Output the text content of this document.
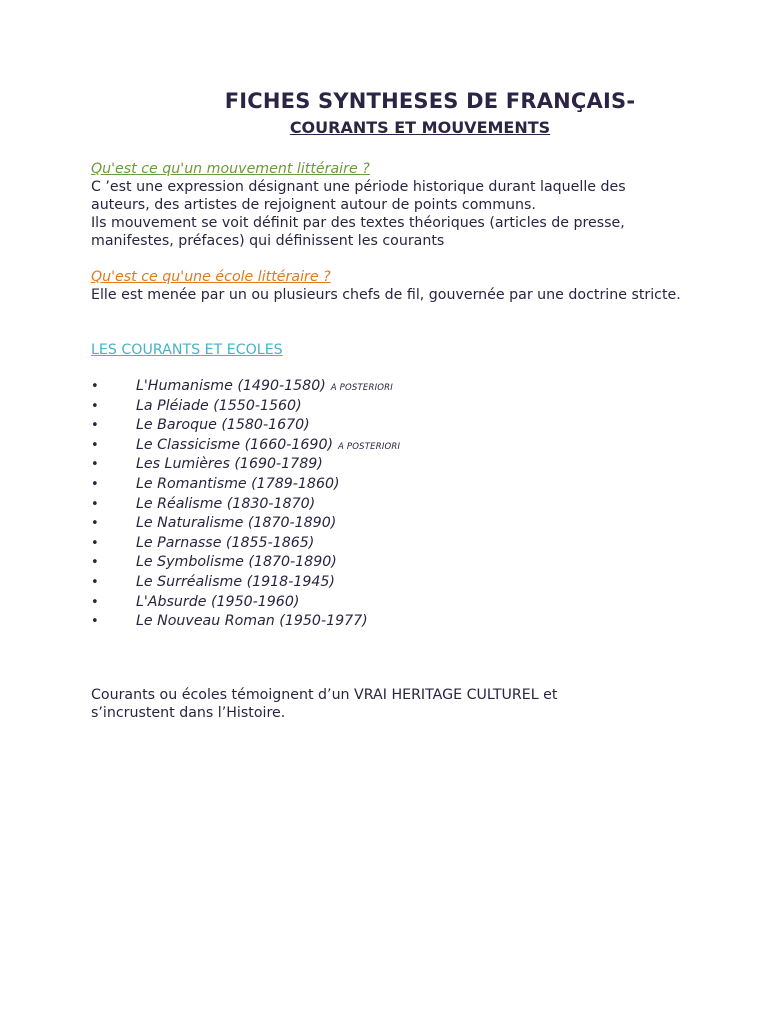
FICHES SYNTHESES DE FRANÇAIS-
COURANTS ET MOUVEMENTS
Qu'est ce qu'un mouvement littéraire ?
C ’est une expression désignant une période historique durant laquelle des
auteurs, des artistes de rejoignent autour de points communs.
Ils mouvement se voit définit par des textes théoriques (articles de presse,
manifestes, préfaces) qui définissent les courants
Qu'est ce qu'une école littéraire ?
Elle est menée par un ou plusieurs chefs de fil, gouvernée par une doctrine stricte.
LES COURANTS ET ECOLES
•	L'Humanisme (1490-1580) A POSTERIORI
•	La Pléiade (1550-1560)
•	Le Baroque (1580-1670)
•	Le Classicisme (1660-1690) A POSTERIORI
•	Les Lumières (1690-1789)
•	Le Romantisme (1789-1860)
•	Le Réalisme (1830-1870)
•	Le Naturalisme (1870-1890)
•	Le Parnasse (1855-1865)
•	Le Symbolisme (1870-1890)
•	Le Surréalisme (1918-1945)
•	L'Absurde (1950-1960)
•	Le Nouveau Roman (1950-1977)
Courants ou écoles témoignent d’un VRAI HERITAGE CULTUREL et
s’incrustent dans l’Histoire.
